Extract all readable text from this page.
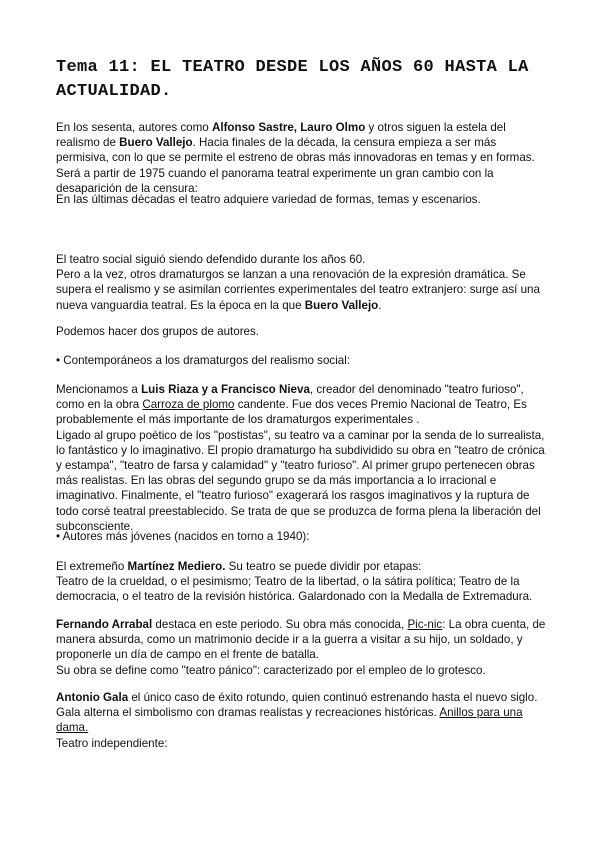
Tema 11: EL TEATRO DESDE LOS AÑOS 60 HASTA LA ACTUALIDAD.

En los sesenta, autores como Alfonso Sastre, Lauro Olmo y otros siguen la estela del realismo de Buero Vallejo. Hacia finales de la década, la censura empieza a ser más permisiva, con lo que se permite el estreno de obras más innovadoras en temas y en formas. Será a partir de 1975 cuando el panorama teatral experimente un gran cambio con la desaparición de la censura:

En las últimas décadas el teatro adquiere variedad de formas, temas y escenarios.

El teatro social siguió siendo defendido durante los años 60.
Pero a la vez, otros dramaturgos se lanzan a una renovación de la expresión dramática. Se supera el realismo y se asimilan corrientes experimentales del teatro extranjero: surge así una nueva vanguardia teatral. Es la época en la que Buero Vallejo.

Podemos hacer dos grupos de autores.

• Contemporáneos a los dramaturgos del realismo social:

Mencionamos a Luis Riaza y a Francisco Nieva, creador del denominado "teatro furioso", como en la obra Carroza de plomo candente. Fue dos veces Premio Nacional de Teatro, Es probablemente el más importante de los dramaturgos experimentales .
Ligado al grupo poético de los "postistas", su teatro va a caminar por la senda de lo surrealista, lo fantástico y lo imaginativo. El propio dramaturgo ha subdividido su obra en "teatro de crónica y estampa", "teatro de farsa y calamidad" y "teatro furioso". Al primer grupo pertenecen obras más realistas. En las obras del segundo grupo se da más importancia a lo irracional e imaginativo. Finalmente, el "teatro furioso" exagerará los rasgos imaginativos y la ruptura de todo corsé teatral preestablecido. Se trata de que se produzca de forma plena la liberación del subconsciente.

• Autores más jóvenes (nacidos en torno a 1940):

El extremeño Martínez Mediero. Su teatro se puede dividir por etapas:
Teatro de la crueldad, o el pesimismo; Teatro de la libertad, o la sátira política; Teatro de la democracia, o el teatro de la revisión histórica. Galardonado con la Medalla de Extremadura.

Fernando Arrabal destaca en este periodo. Su obra más conocida, Pic-nic: La obra cuenta, de manera absurda, como un matrimonio decide ir a la guerra a visitar a su hijo, un soldado, y proponerle un día de campo en el frente de batalla.
Su obra se define como "teatro pánico": caracterizado por el empleo de lo grotesco.

Antonio Gala el único caso de éxito rotundo, quien continuó estrenando hasta el nuevo siglo.
Gala alterna el simbolismo con dramas realistas y recreaciones históricas. Anillos para una dama.

Teatro independiente:
